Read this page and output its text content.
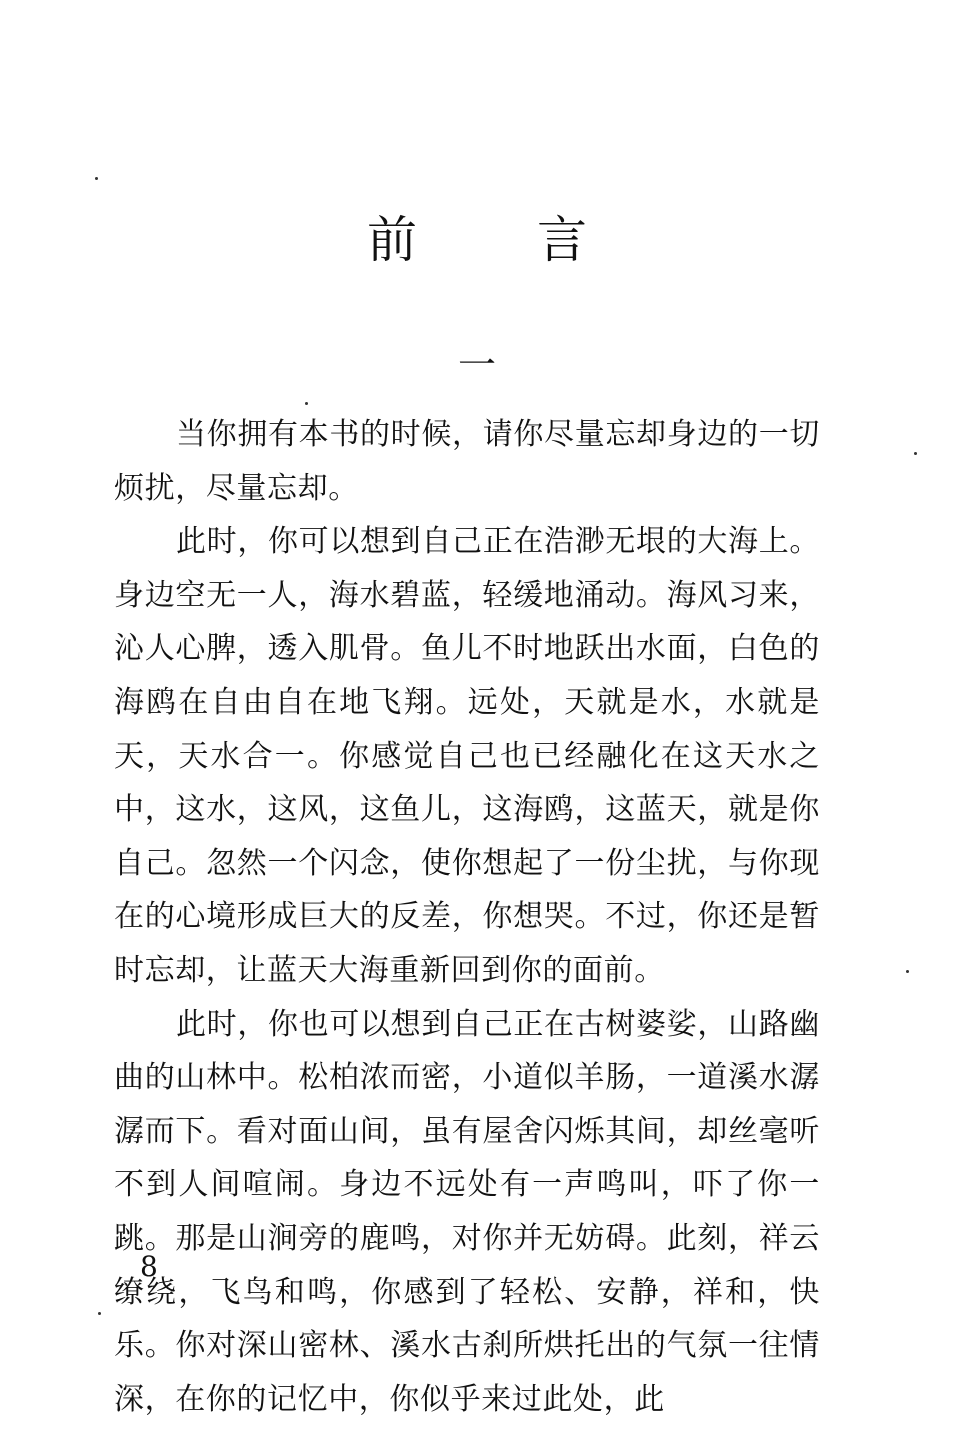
前 言
一

当你拥有本书的时候，请你尽量忘却身边的一切烦扰，尽量忘却。

此时，你可以想到自己正在浩渺无垠的大海上。身边空无一人，海水碧蓝，轻缓地涌动。海风习来，沁人心脾，透入肌骨。鱼儿不时地跃出水面，白色的海鸥在自由自在地飞翔。远处，天就是水，水就是天，天水合一。你感觉自己也已经融化在这天水之中，这水，这风，这鱼儿，这海鸥，这蓝天，就是你自己。忽然一个闪念，使你想起了一份尘扰，与你现在的心境形成巨大的反差，你想哭。不过，你还是暂时忘却，让蓝天大海重新回到你的面前。

此时，你也可以想到自己正在古树婆娑，山路幽曲的山林中。松柏浓而密，小道似羊肠，一道溪水潺潺而下。看对面山间，虽有屋舍闪烁其间，却丝毫听不到人间喧闹。身边不远处有一声鸣叫，吓了你一跳。那是山涧旁的鹿鸣，对你并无妨碍。此刻，祥云缭绕，飞鸟和鸣，你感到了轻松、安静，祥和，快乐。你对深山密林、溪水古刹所烘托出的气氛一往情深，在你的记忆中，你似乎来过此处，此

8
